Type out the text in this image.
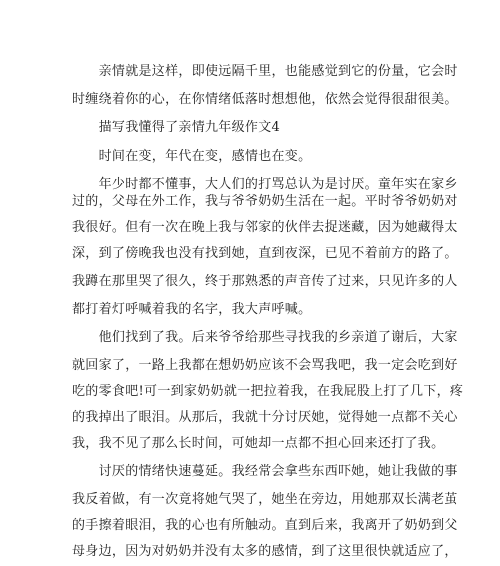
　　亲情就是这样，即使远隔千里，也能感觉到它的份量，它会时
时缠绕着你的心，在你情绪低落时想想他，依然会觉得很甜很美。
　　描写我懂得了亲情九年级作文4
　　时间在变，年代在变，感情也在变。
　　年少时都不懂事，大人们的打骂总认为是讨厌。童年实在家乡
过的，父母在外工作，我与爷爷奶奶生活在一起。平时爷爷奶奶对
我很好。但有一次在晚上我与邻家的伙伴去捉迷藏，因为她藏得太
深，到了傍晚我也没有找到她，直到夜深，已见不着前方的路了。
我蹲在那里哭了很久，终于那熟悉的声音传了过来，只见许多的人
都打着灯呼喊着我的名字，我大声呼喊。
　　他们找到了我。后来爷爷给那些寻找我的乡亲道了谢后，大家
就回家了，一路上我都在想奶奶应该不会骂我吧，我一定会吃到好
吃的零食吧!可一到家奶奶就一把拉着我，在我屁股上打了几下，疼
的我掉出了眼泪。从那后，我就十分讨厌她，觉得她一点都不关心
我，我不见了那么长时间，可她却一点都不担心回来还打了我。
　　讨厌的情绪快速蔓延。我经常会拿些东西吓她，她让我做的事
我反着做，有一次竟将她气哭了，她坐在旁边，用她那双长满老茧
的手擦着眼泪，我的心也有所触动。直到后来，我离开了奶奶到父
母身边，因为对奶奶并没有太多的感情，到了这里很快就适应了，
